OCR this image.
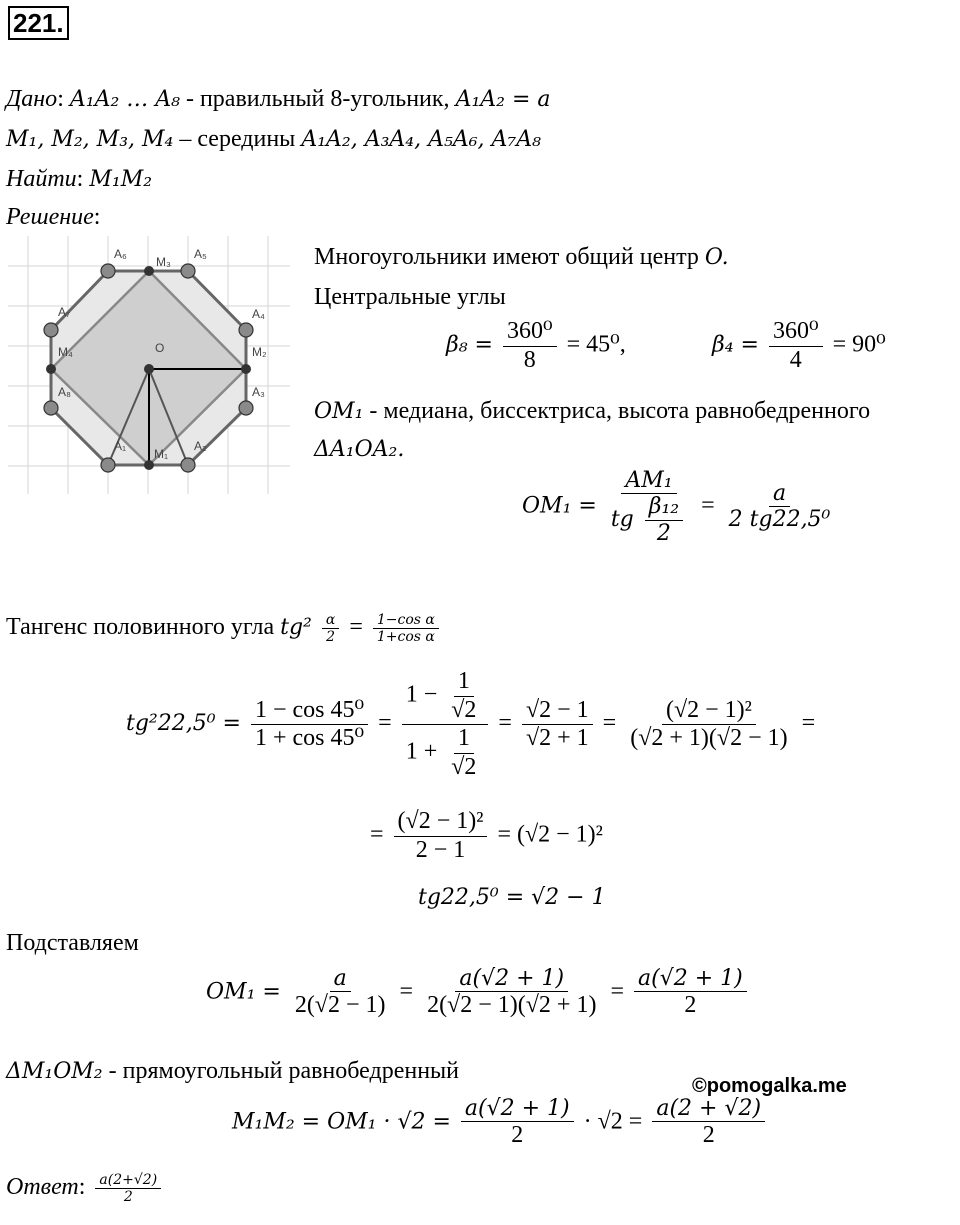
221.
Дано: A₁A₂ … A₈ - правильный 8-угольник, A₁A₂ = a
M₁, M₂, M₃, M₄ – середины A₁A₂, A₃A₄, A₅A₆, A₇A₈
Найти: M₁M₂
Решение:
A₁	A₂
A₃
A₄
A₅
A₆
A₇
A₈
M₁
M₂
M₃
M₄	O
Многоугольники имеют общий центр O.
Центральные углы
$\beta_8 = \frac{\text{360⁰}}{8} = 45^0$,	$\beta_4 = \frac{\text{360⁰}}{4} = 90^0$
OM₁ - медиана, биссектриса, высота равнобедренного
ΔA₁OA₂.
$OM_1 = \frac{\text{AM₁}}{tg \frac{\text{β₁₂}}{2}} = \frac{a}{\text{2 tg22,5⁰}}$
Тангенс половинного угла $tg^2 \frac{\alpha}{2} = \frac{\text{1−cos α}}{\text{1+cos α}}$
$tg^222,5^0 = \frac{\text{1 − cos 45⁰}}{\text{1 + cos 45⁰}} = \frac{1 - \frac{1}{√2}}{1 + \frac{1}{√2}} = \frac{√2 - 1}{√2 + 1} = \frac{\text{(√2 − 1)²}}{(√2 + 1)(√2 - 1)}$ =
= $\frac{\text{(√2 − 1)²}}{2 - 1} = (√2 - 1)^2$
tg22,5⁰ = √2 − 1
Подставляем
$OM_1 = \frac{a}{2(√2 - 1)} = \frac{a(√2 + 1)}{2(√2 - 1)(√2 + 1)} = \frac{a(√2 + 1)}{2}$
ΔM₁OM₂ - прямоугольный равнобедренный
©pomogalka.me
$M_1M_2 = OM_1 \cdot √2 = \frac{a(√2 + 1)}{2} \cdot √2 = \frac{a(2 + √2)}{2}$
Ответ: $\frac{a(2+√2)}{2}$
